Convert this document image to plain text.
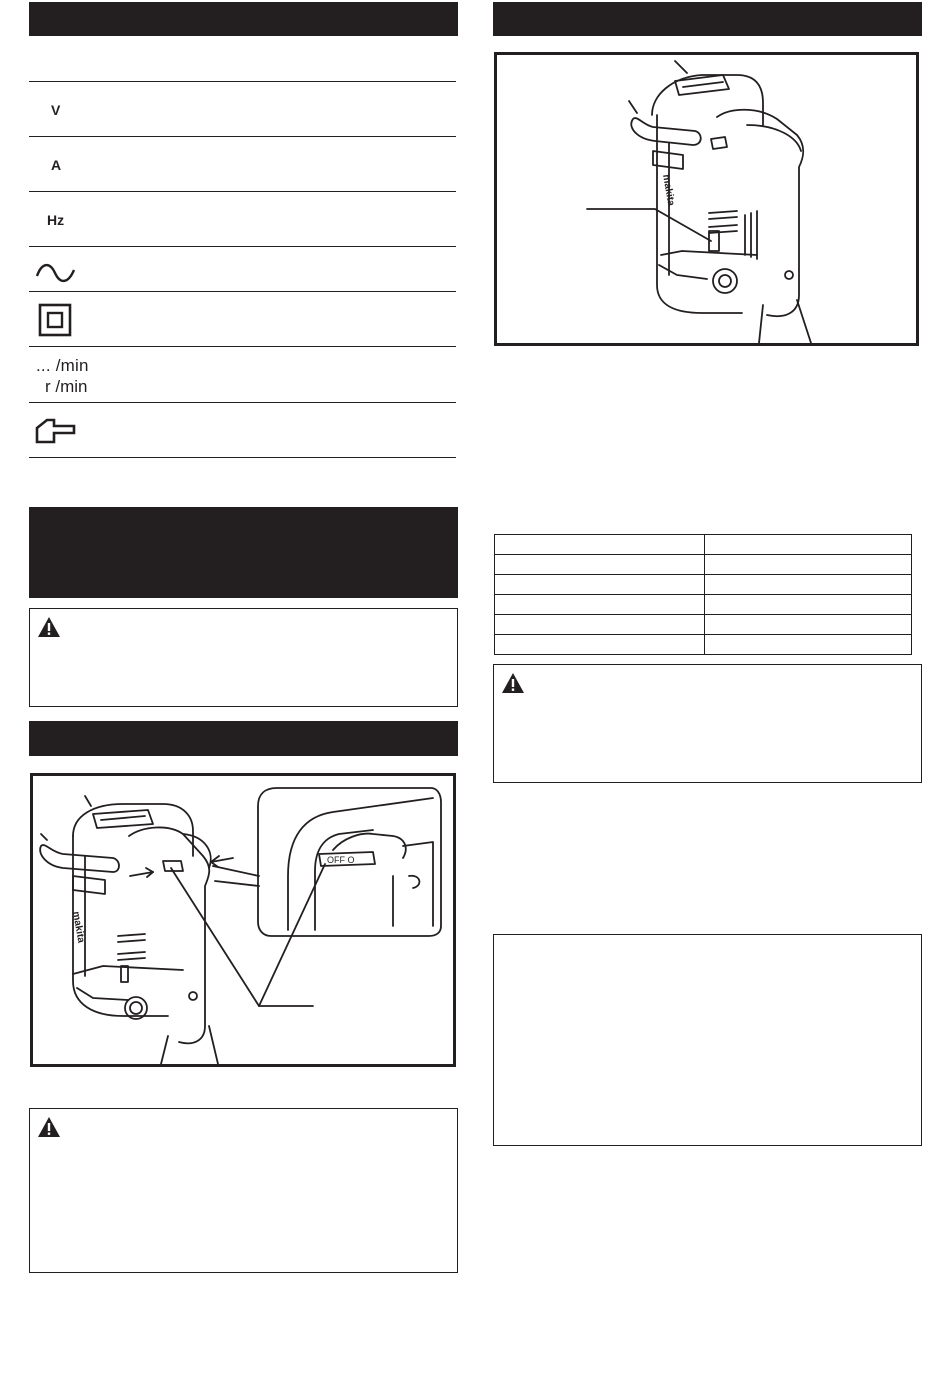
V
A
Hz
... /min
r /min
OFF O
makita
makita
